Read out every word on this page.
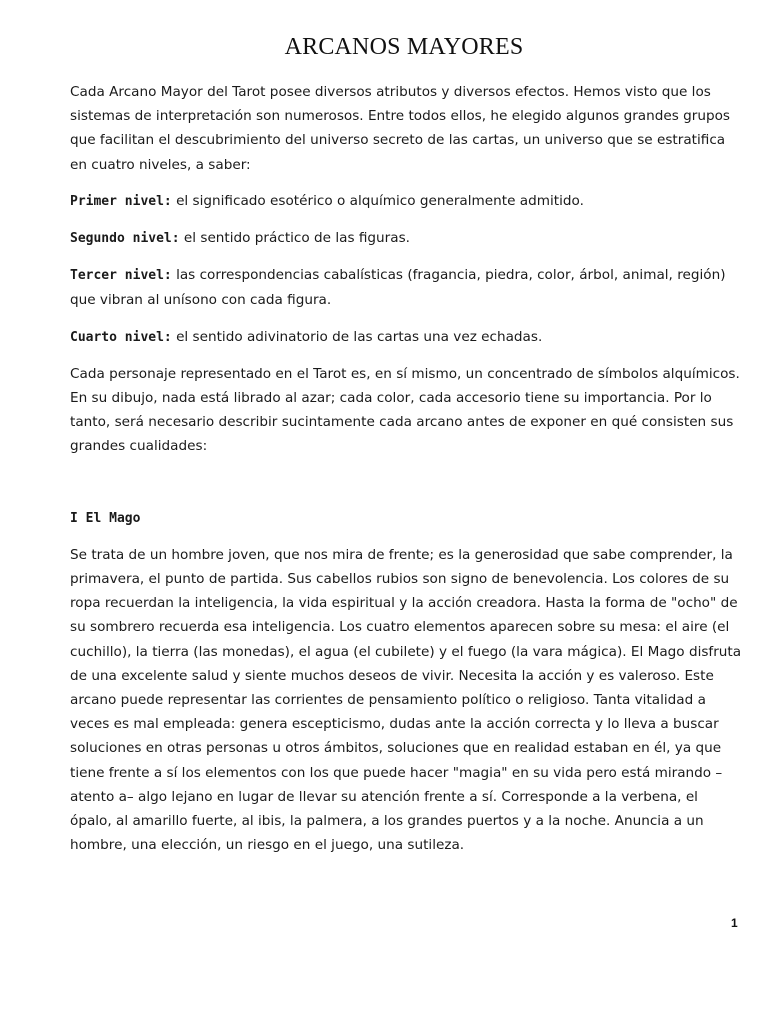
ARCANOS MAYORES

Cada Arcano Mayor del Tarot posee diversos atributos y diversos efectos. Hemos visto que los sistemas de interpretación son numerosos. Entre todos ellos, he elegido algunos grandes grupos que facilitan el descubrimiento del universo secreto de las cartas, un universo que se estratifica en cuatro niveles, a saber:

Primer nivel: el significado esotérico o alquímico generalmente admitido.

Segundo nivel: el sentido práctico de las figuras.

Tercer nivel: las correspondencias cabalísticas (fragancia, piedra, color, árbol, animal, región) que vibran al unísono con cada figura.

Cuarto nivel: el sentido adivinatorio de las cartas una vez echadas.

Cada personaje representado en el Tarot es, en sí mismo, un concentrado de símbolos alquímicos. En su dibujo, nada está librado al azar; cada color, cada accesorio tiene su importancia. Por lo tanto, será necesario describir sucintamente cada arcano antes de exponer en qué consisten sus grandes cualidades:

I El Mago

Se trata de un hombre joven, que nos mira de frente; es la generosidad que sabe comprender, la primavera, el punto de partida. Sus cabellos rubios son signo de benevolencia. Los colores de su ropa recuerdan la inteligencia, la vida espiritual y la acción creadora. Hasta la forma de "ocho" de su sombrero recuerda esa inteligencia. Los cuatro elementos aparecen sobre su mesa: el aire (el cuchillo), la tierra (las monedas), el agua (el cubilete) y el fuego (la vara mágica). El Mago disfruta de una excelente salud y siente muchos deseos de vivir. Necesita la acción y es valeroso. Este arcano puede representar las corrientes de pensamiento político o religioso. Tanta vitalidad a veces es mal empleada: genera escepticismo, dudas ante la acción correcta y lo lleva a buscar soluciones en otras personas u otros ámbitos, soluciones que en realidad estaban en él, ya que tiene frente a sí los elementos con los que puede hacer "magia" en su vida pero está mirando –atento a– algo lejano en lugar de llevar su atención frente a sí. Corresponde a la verbena, el ópalo, al amarillo fuerte, al ibis, la palmera, a los grandes puertos y a la noche. Anuncia a un hombre, una elección, un riesgo en el juego, una sutileza.

1
